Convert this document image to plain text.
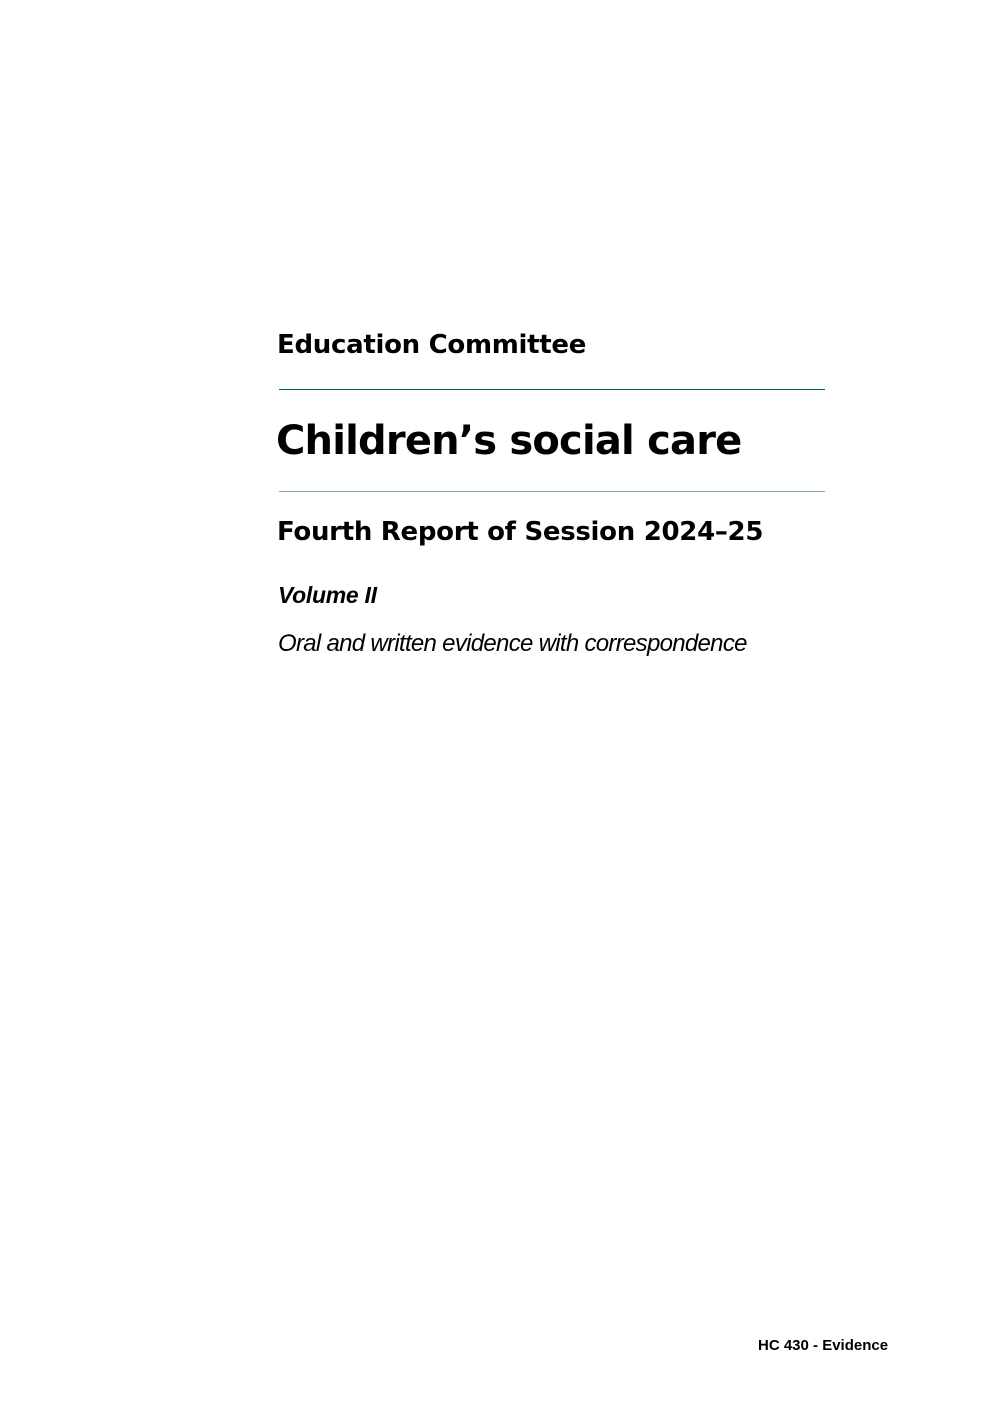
Education Committee
Children’s social care
Fourth Report of Session 2024–25
Volume II
Oral and written evidence with correspondence
HC 430 - Evidence
